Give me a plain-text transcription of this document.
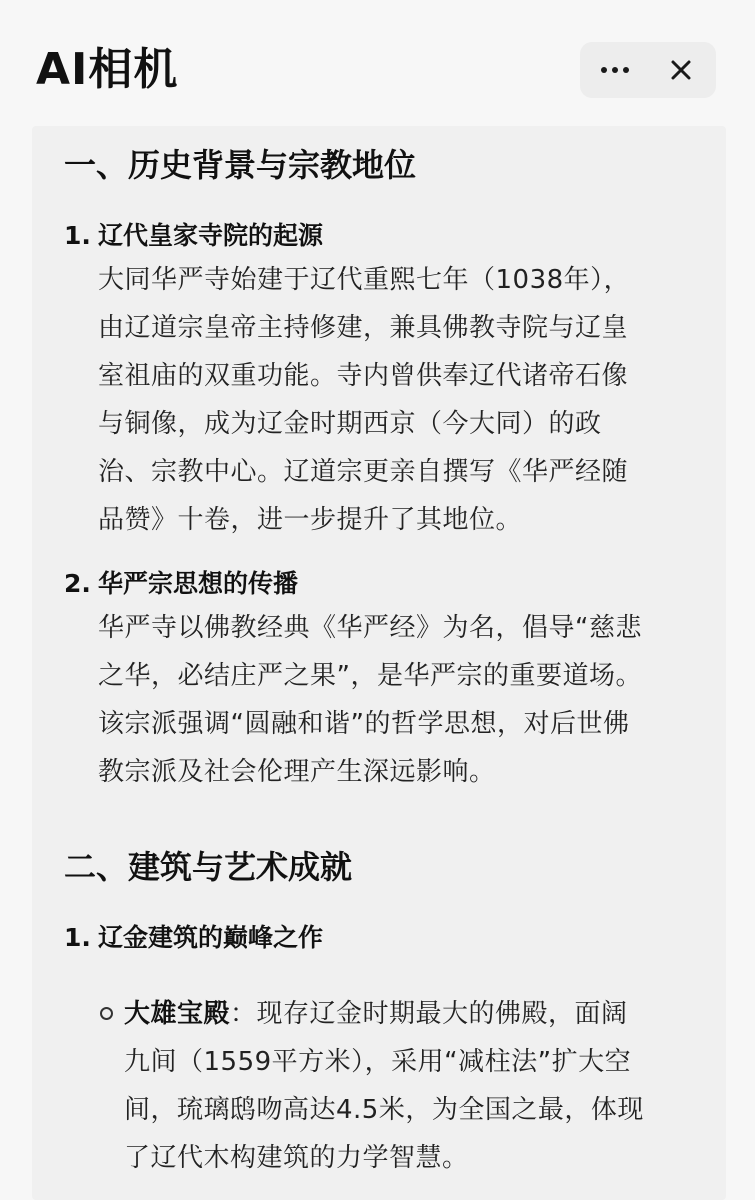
AI相机
一、历史背景与宗教地位
1. 辽代皇家寺院的起源
大同华严寺始建于辽代重熙七年（1038年），
由辽道宗皇帝主持修建，兼具佛教寺院与辽皇
室祖庙的双重功能。寺内曾供奉辽代诸帝石像
与铜像，成为辽金时期西京（今大同）的政
治、宗教中心。辽道宗更亲自撰写《华严经随
品赞》十卷，进一步提升了其地位。
2. 华严宗思想的传播
华严寺以佛教经典《华严经》为名，倡导“慈悲
之华，必结庄严之果”，是华严宗的重要道场。
该宗派强调“圆融和谐”的哲学思想，对后世佛
教宗派及社会伦理产生深远影响。
二、建筑与艺术成就
1. 辽金建筑的巅峰之作
大雄宝殿：现存辽金时期最大的佛殿，面阔
九间（1559平方米），采用“减柱法”扩大空
间，琉璃鸱吻高达4.5米，为全国之最，体现
了辽代木构建筑的力学智慧。
